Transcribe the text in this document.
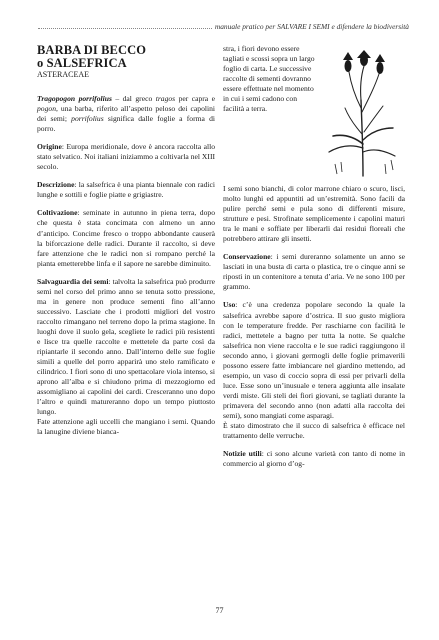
manuale pratico per SALVARE I SEMI e difendere la biodiversità
BARBA DI BECCO
o SALSEFRICA
ASTERACEAE

Tragopogon porrifolius – dal greco tragos per capra e pogon, una barba, riferito all’aspetto peloso dei capolini dei semi; porrifolius significa dalle foglie a forma di porro.

Origine: Europa meridionale, dove è ancora raccolta allo stato selvatico. Noi italiani iniziammo a coltivarla nel XIII secolo.

Descrizione: la salsefrica è una pianta biennale con radici lunghe e sottili e foglie piatte e grigiastre.

Coltivazione: seminate in autunno in piena terra, dopo che questa è stata concimata con almeno un anno d’anticipo. Concime fresco o troppo abbondante causerà la biforcazione delle radici. Durante il raccolto, si deve fare attenzione che le radici non si rompano perché la pianta emetterebbe linfa e il sapore ne sarebbe diminuito.

Salvaguardia dei semi: talvolta la salsefrica può produrre semi nel corso del primo anno se tenuta sotto pressione, ma in genere non produce sementi fino all’anno successivo. Lasciate che i prodotti migliori del vostro raccolto rimangano nel terreno dopo la prima stagione. In luoghi dove il suolo gela, scegliete le radici più resistenti e lisce tra quelle raccolte e mettetele da parte così da ripiantarle il secondo anno. Dall’interno delle sue foglie simili a quelle del porro apparirà uno stelo ramificato e cilindrico. I fiori sono di uno spettacolare viola intenso, si aprono all’alba e si chiudono prima di mezzogiorno ed assomigliano ai capolini dei cardi. Cresceranno uno dopo l’altro e quindi matureranno dopo un tempo piuttosto lungo.

Fate attenzione agli uccelli che mangiano i semi. Quando la lanugine diviene bianca-

stra, i fiori devono essere tagliati e scossi sopra un largo foglio di carta. Le successive raccolte di sementi dovranno essere effettuate nel momento in cui i semi cadono con facilità a terra.

I semi sono bianchi, di color marrone chiaro o scuro, lisci, molto lunghi ed appuntiti ad un’estremità. Sono facili da pulire perché semi e pula sono di differenti misure, strutture e pesi. Strofinate semplicemente i capolini maturi tra le mani e soffiate per liberarli dai residui floreali che potrebbero attirare gli insetti.

Conservazione: i semi dureranno solamente un anno se lasciati in una busta di carta o plastica, tre o cinque anni se riposti in un contenitore a tenuta d’aria. Ve ne sono 100 per grammo.

Uso: c’è una credenza popolare secondo la quale la salsefrica avrebbe sapore d’ostrica. Il suo gusto migliora con le temperature fredde. Per raschiarne con facilità le radici, mettetele a bagno per tutta la notte. Se qualche salsefrica non viene raccolta e le sue radici raggiungono il secondo anno, i giovani germogli delle foglie primaverili possono essere fatte imbiancare nel giardino mettendo, ad esempio, un vaso di coccio sopra di essi per privarli della luce. Esse sono un’inusuale e tenera aggiunta alle insalate verdi miste. Gli steli dei fiori giovani, se tagliati durante la primavera del secondo anno (non adatti alla raccolta dei semi), sono mangiati come asparagi.

È stato dimostrato che il succo di salsefrica è efficace nel trattamento delle verruche.

Notizie utili: ci sono alcune varietà con tanto di nome in commercio al giorno d’og-

77
